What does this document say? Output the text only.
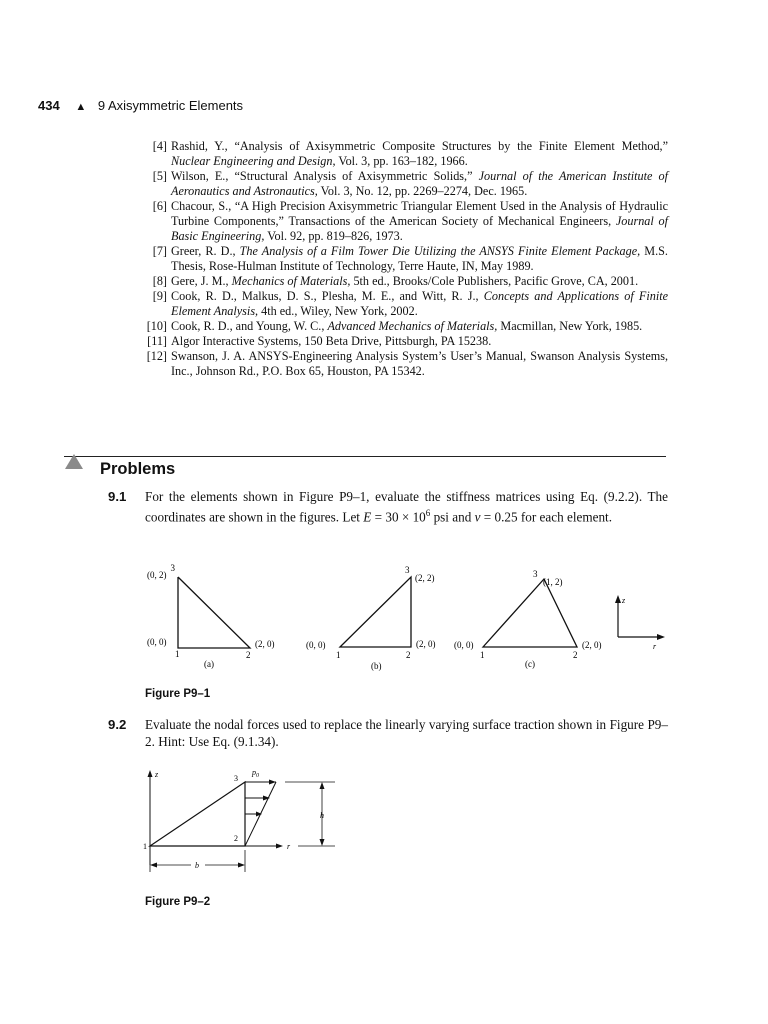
434 ▲ 9 Axisymmetric Elements
[4] Rashid, Y., “Analysis of Axisymmetric Composite Structures by the Finite Element Method,” Nuclear Engineering and Design, Vol. 3, pp. 163–182, 1966.
[5] Wilson, E., “Structural Analysis of Axisymmetric Solids,” Journal of the American Institute of Aeronautics and Astronautics, Vol. 3, No. 12, pp. 2269–2274, Dec. 1965.
[6] Chacour, S., “A High Precision Axisymmetric Triangular Element Used in the Analysis of Hydraulic Turbine Components,” Transactions of the American Society of Mechanical Engineers, Journal of Basic Engineering, Vol. 92, pp. 819–826, 1973.
[7] Greer, R. D., The Analysis of a Film Tower Die Utilizing the ANSYS Finite Element Package, M.S. Thesis, Rose-Hulman Institute of Technology, Terre Haute, IN, May 1989.
[8] Gere, J. M., Mechanics of Materials, 5th ed., Brooks/Cole Publishers, Pacific Grove, CA, 2001.
[9] Cook, R. D., Malkus, D. S., Plesha, M. E., and Witt, R. J., Concepts and Applications of Finite Element Analysis, 4th ed., Wiley, New York, 2002.
[10] Cook, R. D., and Young, W. C., Advanced Mechanics of Materials, Macmillan, New York, 1985.
[11] Algor Interactive Systems, 150 Beta Drive, Pittsburgh, PA 15238.
[12] Swanson, J. A. ANSYS-Engineering Analysis System’s User’s Manual, Swanson Analysis Systems, Inc., Johnson Rd., P.O. Box 65, Houston, PA 15342.
Problems
9.1 For the elements shown in Figure P9–1, evaluate the stiffness matrices using Eq. (9.2.2). The coordinates are shown in the figures. Let $E = 30 \times 10^6$ psi and ν = 0.25 for each element.
3
(0, 2)
(0, 0)
1	2
(2, 0)
(a)
3
(2, 2)
(0, 0)
1	2
(2, 0)
(b)
3
(1, 2)
(0, 0)
1	2
(2, 0)
(c)
z
r
Figure P9–1
9.2 Evaluate the nodal forces used to replace the linearly varying surface traction shown in Figure P9–2. Hint: Use Eq. (9.1.34).
z
r
$p_0$
1
2
3
h
b
Figure P9–2
